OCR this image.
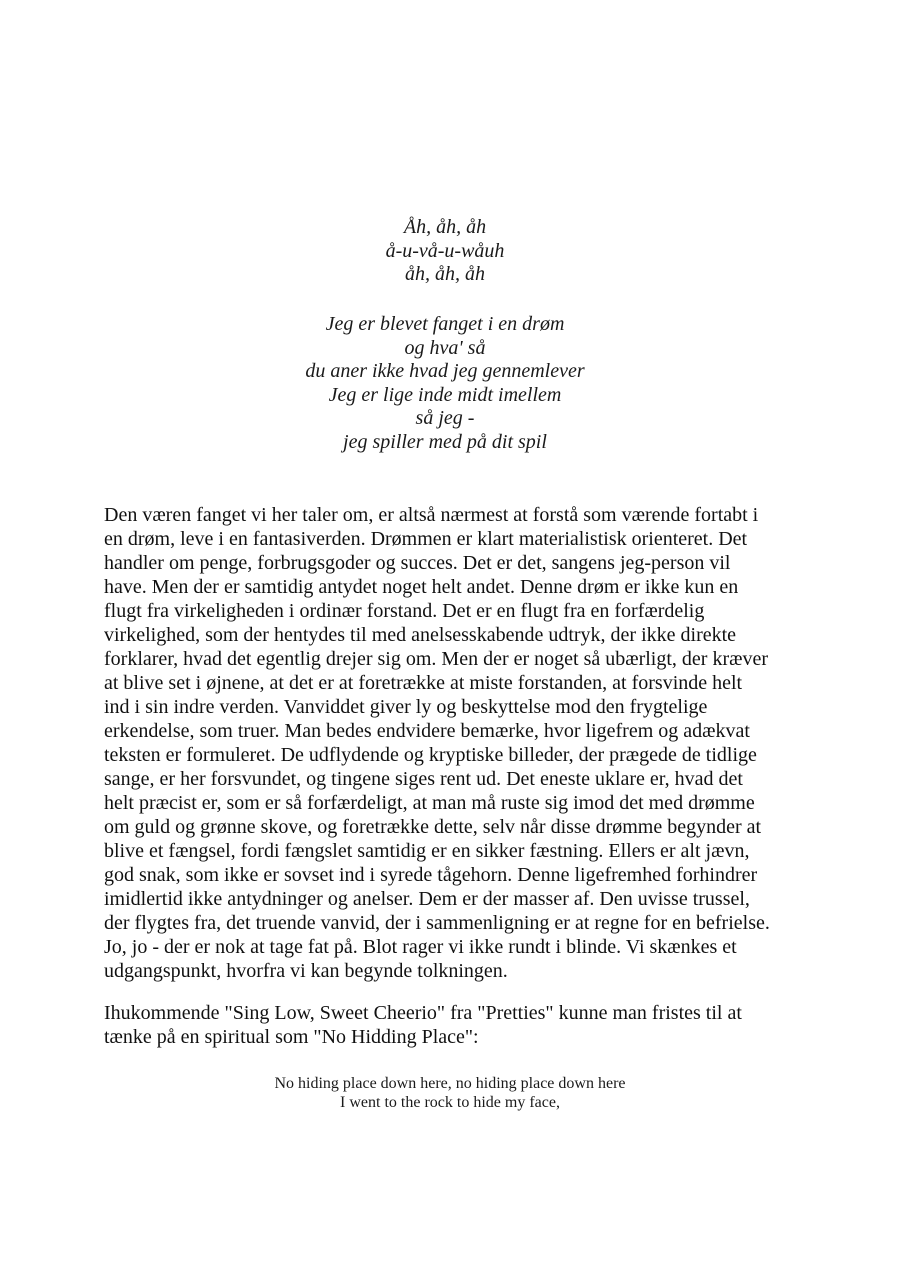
Åh, åh, åh
å-u-vå-u-wåuh
åh, åh, åh
Jeg er blevet fanget i en drøm
og hva' så
du aner ikke hvad jeg gennemlever
Jeg er lige inde midt imellem
så jeg -
jeg spiller med på dit spil
Den væren fanget vi her taler om, er altså nærmest at forstå som værende fortabt i
en drøm, leve i en fantasiverden. Drømmen er klart materialistisk orienteret. Det
handler om penge, forbrugsgoder og succes. Det er det, sangens jeg-person vil
have. Men der er samtidig antydet noget helt andet. Denne drøm er ikke kun en
flugt fra virkeligheden i ordinær forstand. Det er en flugt fra en forfærdelig
virkelighed, som der hentydes til med anelsesskabende udtryk, der ikke direkte
forklarer, hvad det egentlig drejer sig om. Men der er noget så ubærligt, der kræver
at blive set i øjnene, at det er at foretrække at miste forstanden, at forsvinde helt
ind i sin indre verden. Vanviddet giver ly og beskyttelse mod den frygtelige
erkendelse, som truer. Man bedes endvidere bemærke, hvor ligefrem og adækvat
teksten er formuleret. De udflydende og kryptiske billeder, der prægede de tidlige
sange, er her forsvundet, og tingene siges rent ud. Det eneste uklare er, hvad det
helt præcist er, som er så forfærdeligt, at man må ruste sig imod det med drømme
om guld og grønne skove, og foretrække dette, selv når disse drømme begynder at
blive et fængsel, fordi fængslet samtidig er en sikker fæstning. Ellers er alt jævn,
god snak, som ikke er sovset ind i syrede tågehorn. Denne ligefremhed forhindrer
imidlertid ikke antydninger og anelser. Dem er der masser af. Den uvisse trussel,
der flygtes fra, det truende vanvid, der i sammenligning er at regne for en befrielse.
Jo, jo - der er nok at tage fat på. Blot rager vi ikke rundt i blinde. Vi skænkes et
udgangspunkt, hvorfra vi kan begynde tolkningen.
Ihukommende "Sing Low, Sweet Cheerio" fra "Pretties" kunne man fristes til at
tænke på en spiritual som "No Hidding Place":
No hiding place down here, no hiding place down here
I went to the rock to hide my face,
